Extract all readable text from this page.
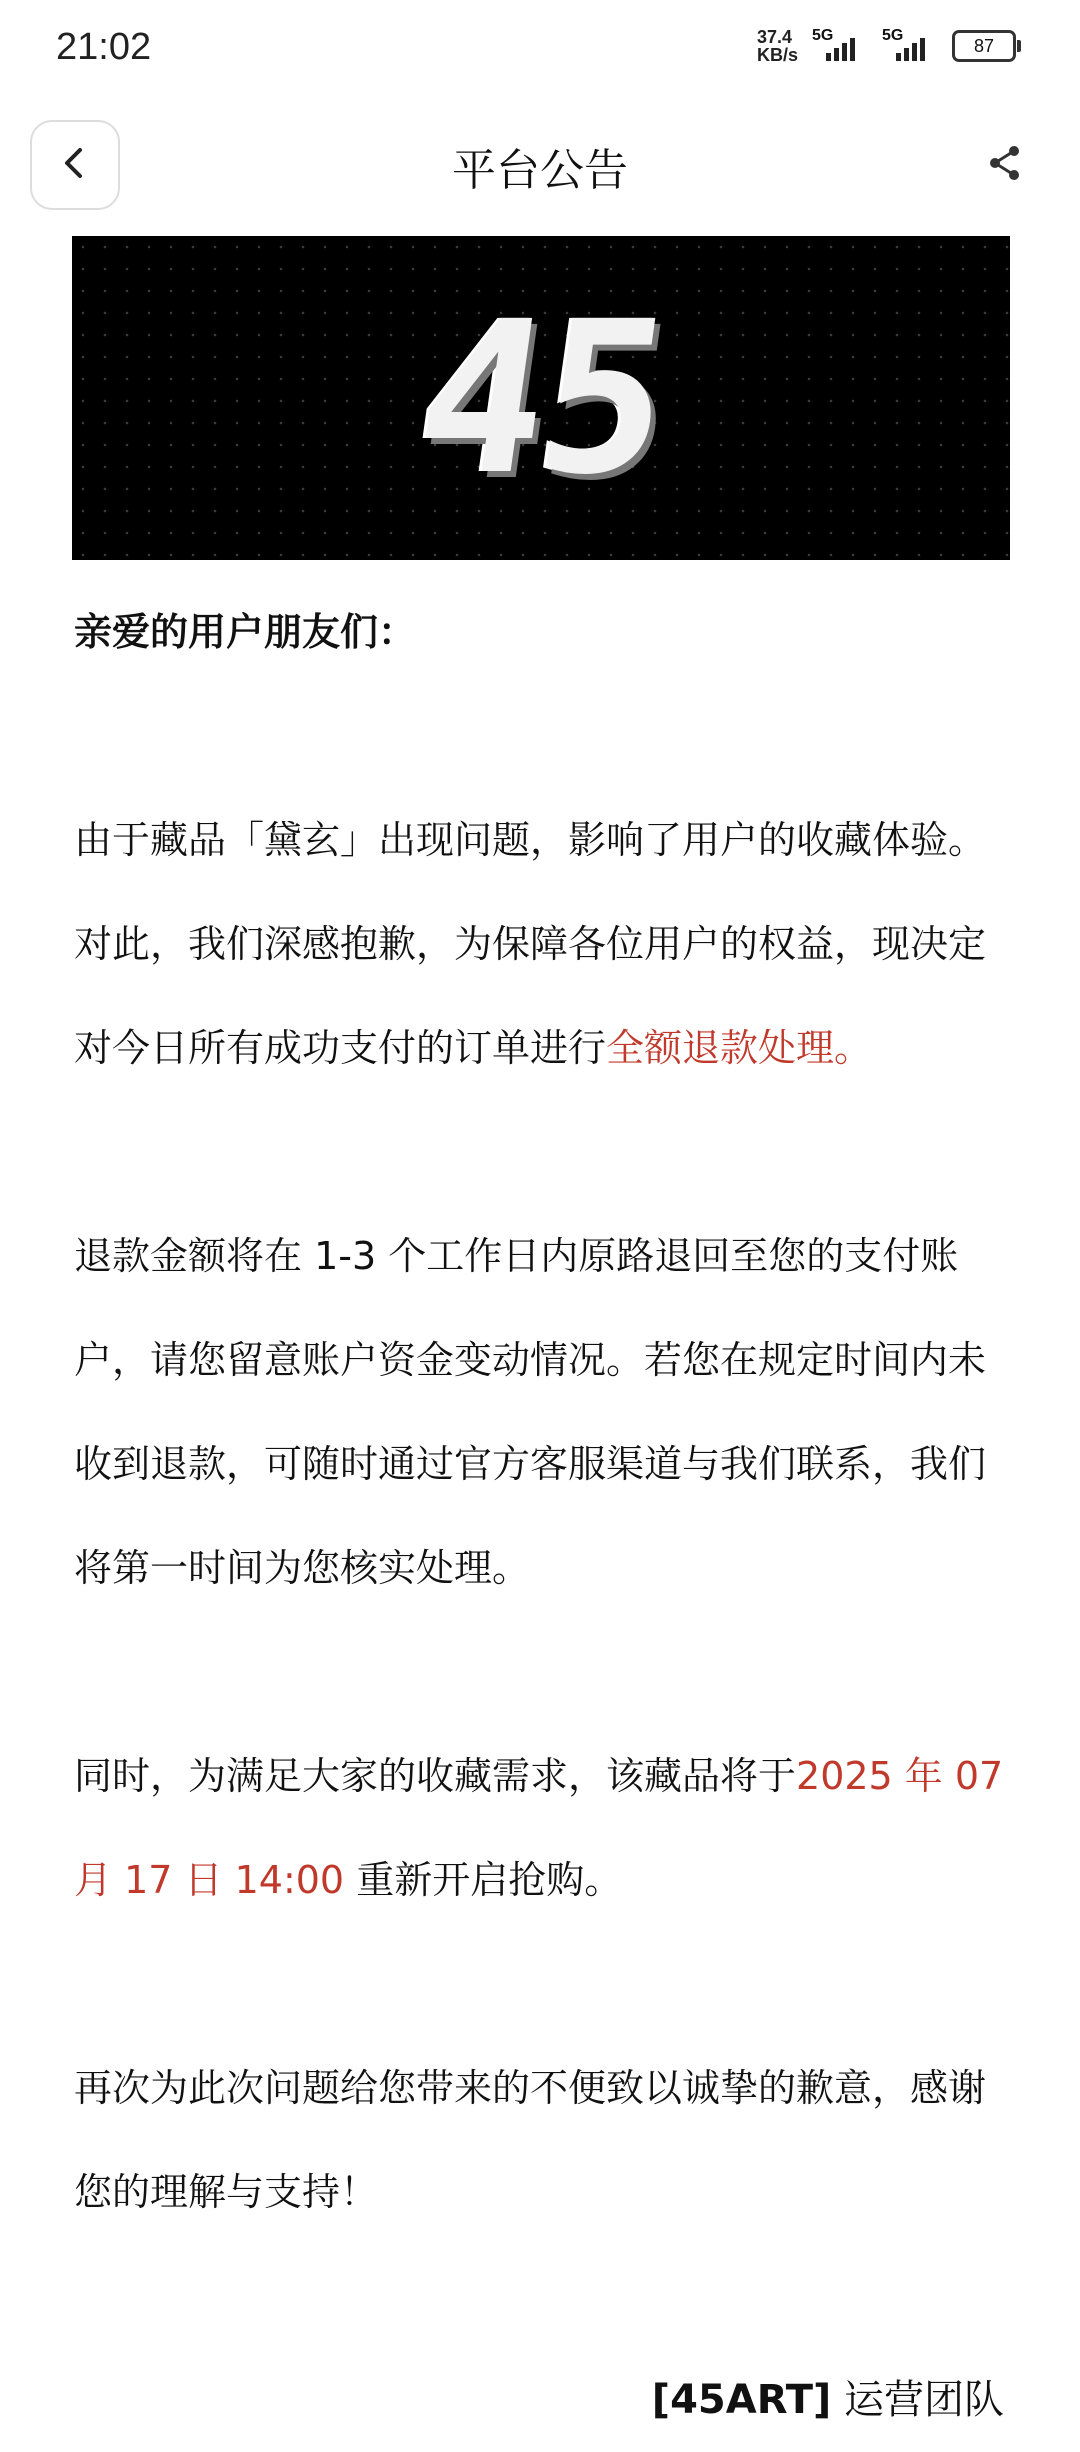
21:02	37.4
KB/s
5G	5G	87
平台公告
45

亲爱的用户朋友们：

由于藏品「黛玄」出现问题，影响了用户的收藏体验。对此，我们深感抱歉，为保障各位用户的权益，现决定对今日所有成功支付的订单进行全额退款处理。

退款金额将在 1-3 个工作日内原路退回至您的支付账户，请您留意账户资金变动情况。若您在规定时间内未收到退款，可随时通过官方客服渠道与我们联系，我们将第一时间为您核实处理。

同时，为满足大家的收藏需求，该藏品将于2025 年 07 月 17 日 14:00 重新开启抢购。

再次为此次问题给您带来的不便致以诚挚的歉意，感谢您的理解与支持！

[45ART] 运营团队
